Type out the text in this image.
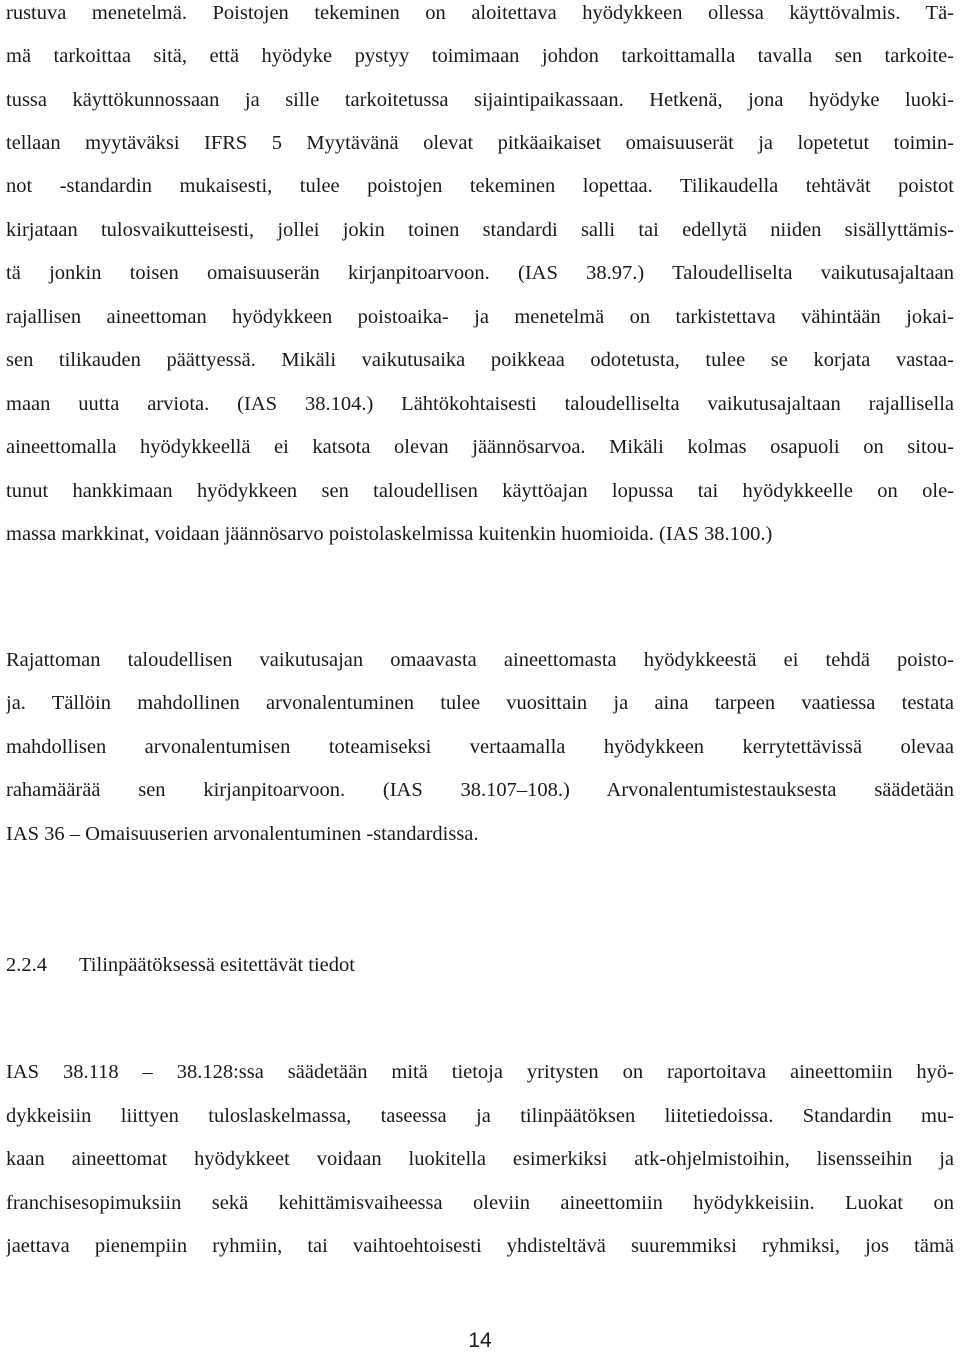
rustuva menetelmä. Poistojen tekeminen on aloitettava hyödykkeen ollessa käyttövalmis. Tä-
mä tarkoittaa sitä, että hyödyke pystyy toimimaan johdon tarkoittamalla tavalla sen tarkoite-
tussa käyttökunnossaan ja sille tarkoitetussa sijaintipaikassaan. Hetkenä, jona hyödyke luoki-
tellaan myytäväksi IFRS 5 Myytävänä olevat pitkäaikaiset omaisuuserät ja lopetetut toimin-
not -standardin mukaisesti, tulee poistojen tekeminen lopettaa. Tilikaudella tehtävät poistot
kirjataan tulosvaikutteisesti, jollei jokin toinen standardi salli tai edellytä niiden sisällyttämis-
tä jonkin toisen omaisuuserän kirjanpitoarvoon. (IAS 38.97.) Taloudelliselta vaikutusajaltaan
rajallisen aineettoman hyödykkeen poistoaika- ja menetelmä on tarkistettava vähintään jokai-
sen tilikauden päättyessä. Mikäli vaikutusaika poikkeaa odotetusta, tulee se korjata vastaa-
maan uutta arviota. (IAS 38.104.) Lähtökohtaisesti taloudelliselta vaikutusajaltaan rajallisella
aineettomalla hyödykkeellä ei katsota olevan jäännösarvoa. Mikäli kolmas osapuoli on sitou-
tunut hankkimaan hyödykkeen sen taloudellisen käyttöajan lopussa tai hyödykkeelle on ole-
massa markkinat, voidaan jäännösarvo poistolaskelmissa kuitenkin huomioida. (IAS 38.100.)
Rajattoman taloudellisen vaikutusajan omaavasta aineettomasta hyödykkeestä ei tehdä poisto-
ja. Tällöin mahdollinen arvonalentuminen tulee vuosittain ja aina tarpeen vaatiessa testata
mahdollisen arvonalentumisen toteamiseksi vertaamalla hyödykkeen kerrytettävissä olevaa
rahamäärää sen kirjanpitoarvoon. (IAS 38.107–108.) Arvonalentumistestauksesta säädetään
IAS 36 – Omaisuuserien arvonalentuminen -standardissa.
2.2.4 Tilinpäätöksessä esitettävät tiedot
IAS 38.118 – 38.128:ssa säädetään mitä tietoja yritysten on raportoitava aineettomiin hyö-
dykkeisiin liittyen tuloslaskelmassa, taseessa ja tilinpäätöksen liitetiedoissa. Standardin mu-
kaan aineettomat hyödykkeet voidaan luokitella esimerkiksi atk-ohjelmistoihin, lisensseihin ja
franchisesopimuksiin sekä kehittämisvaiheessa oleviin aineettomiin hyödykkeisiin. Luokat on
jaettava pienempiin ryhmiin, tai vaihtoehtoisesti yhdisteltävä suuremmiksi ryhmiksi, jos tämä
14
